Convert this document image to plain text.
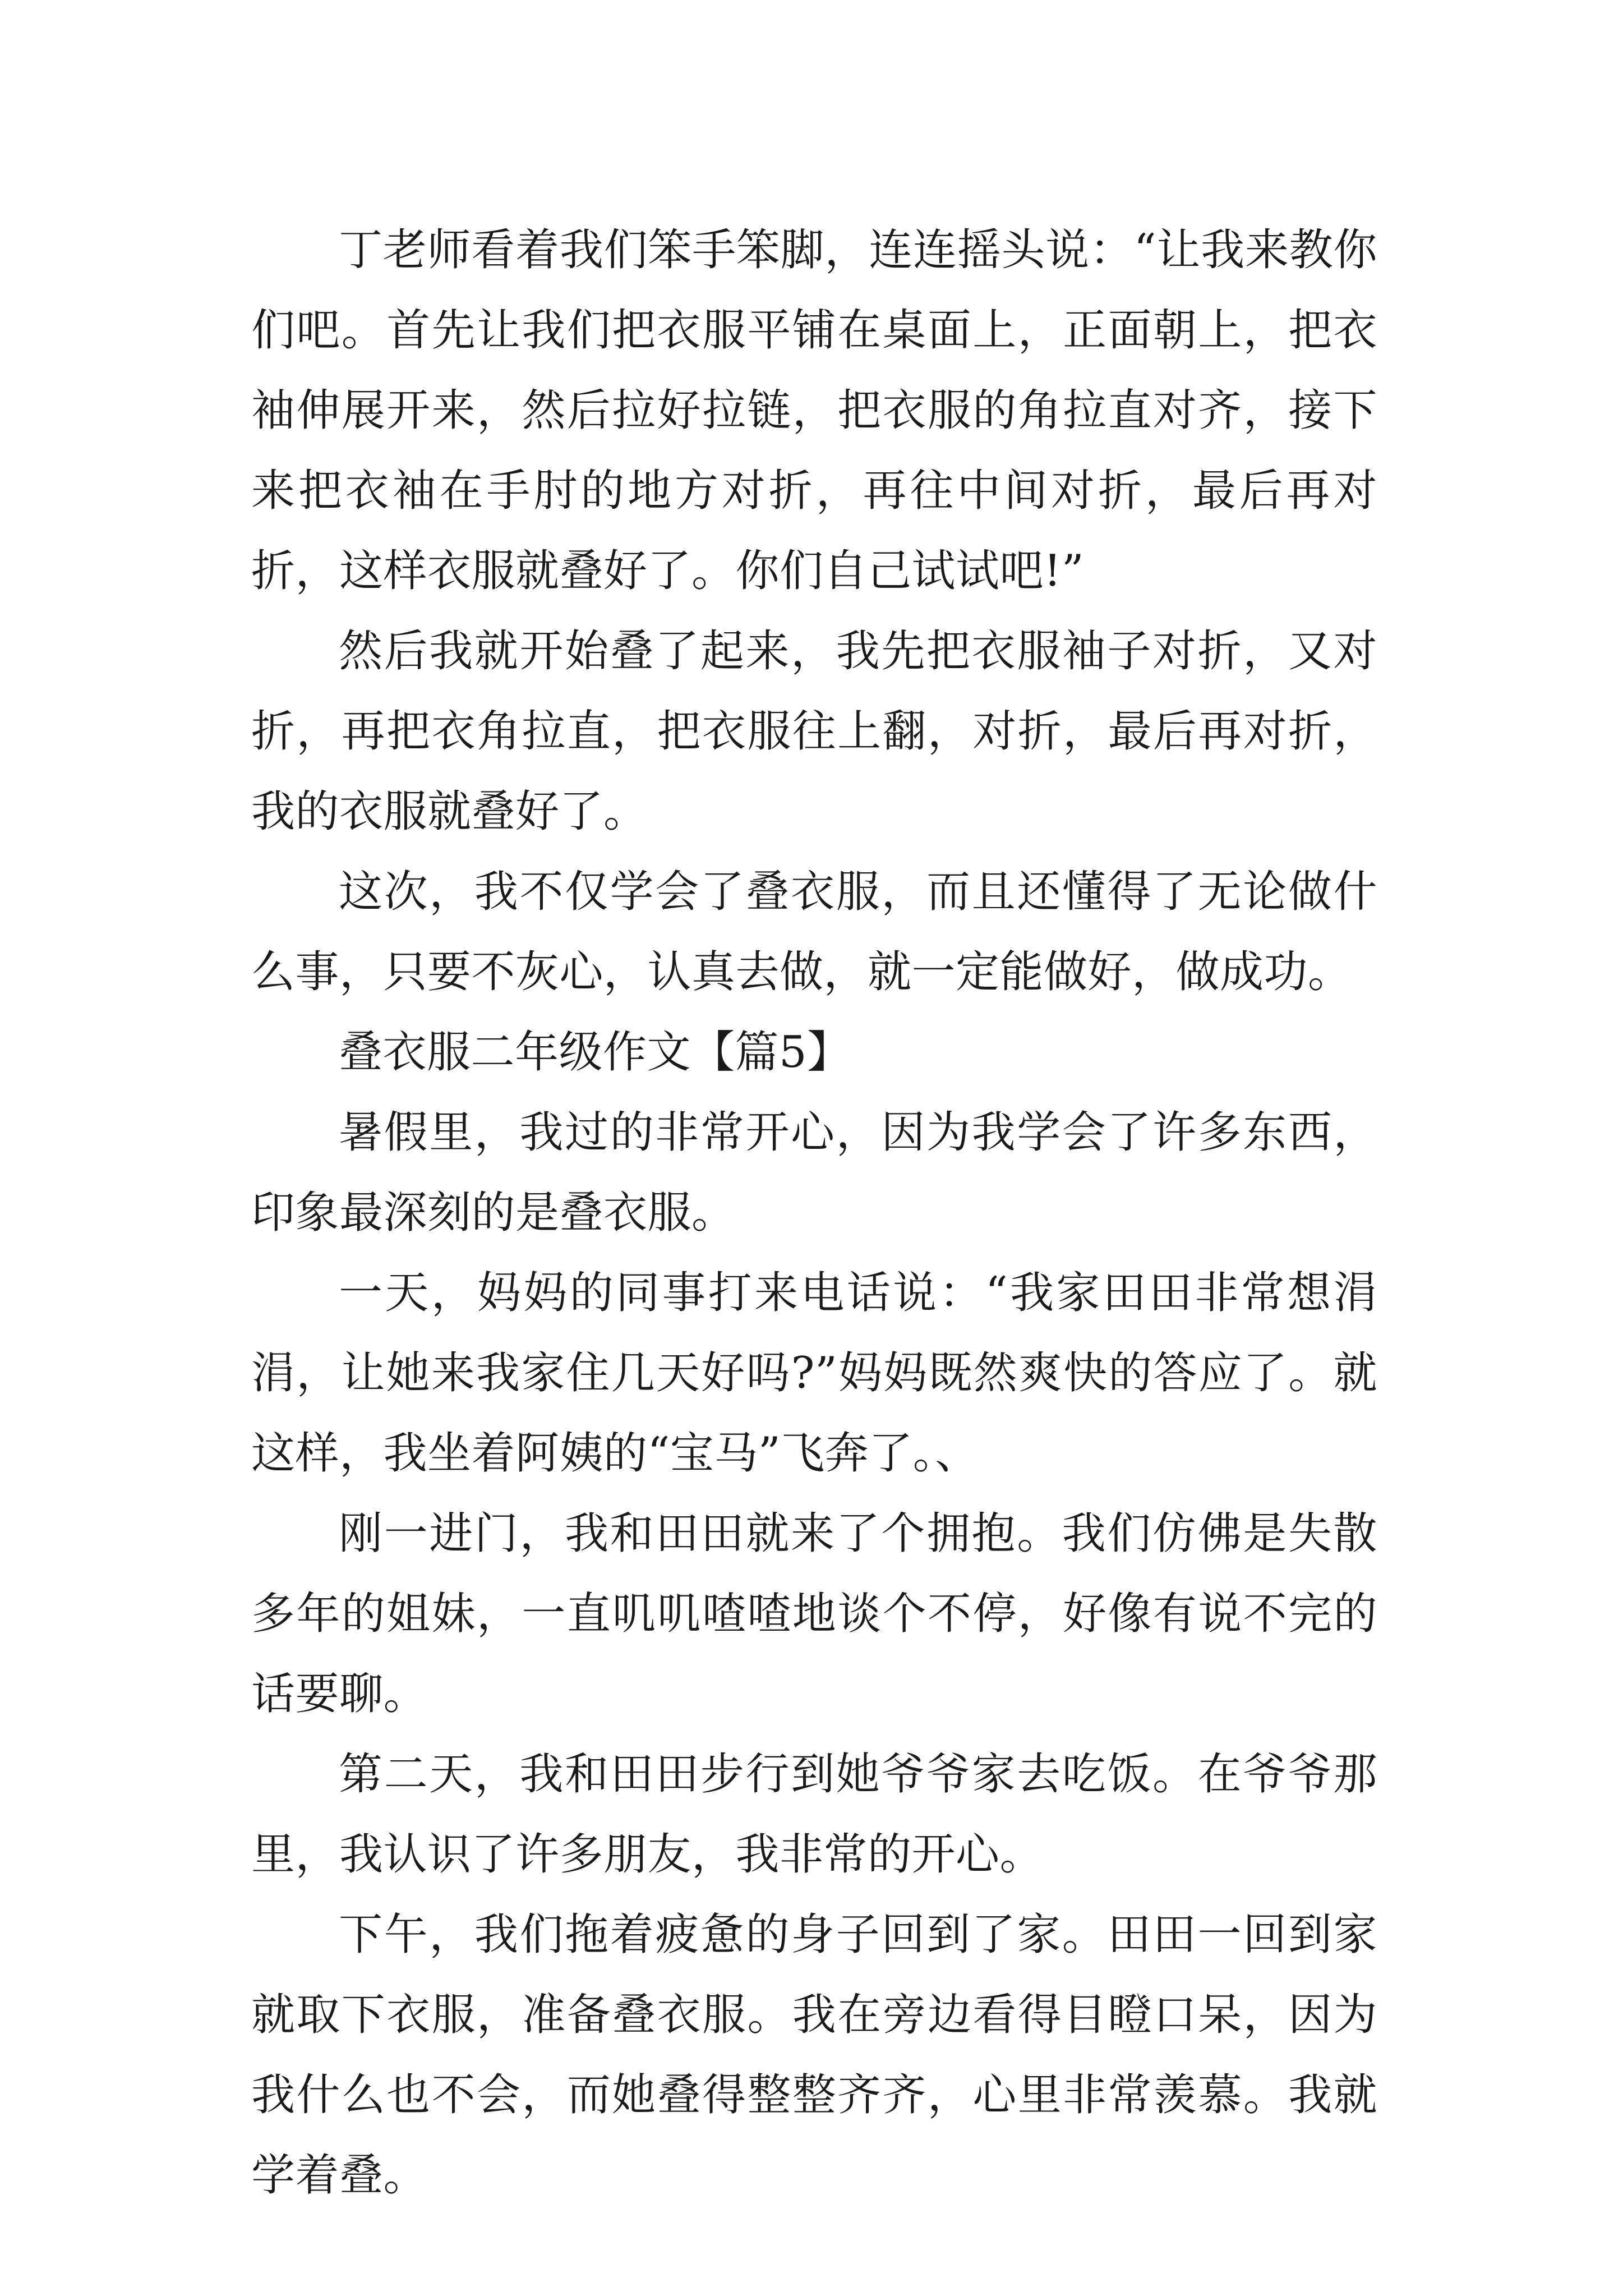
丁老师看着我们笨手笨脚，连连摇头说：“让我来教你们吧。首先让我们把衣服平铺在桌面上，正面朝上，把衣袖伸展开来，然后拉好拉链，把衣服的角拉直对齐，接下来把衣袖在手肘的地方对折，再往中间对折，最后再对折，这样衣服就叠好了。你们自己试试吧!”

然后我就开始叠了起来，我先把衣服袖子对折，又对折，再把衣角拉直，把衣服往上翻，对折，最后再对折，我的衣服就叠好了。

这次，我不仅学会了叠衣服，而且还懂得了无论做什么事，只要不灰心，认真去做，就一定能做好，做成功。

叠衣服二年级作文【篇5】

暑假里，我过的非常开心，因为我学会了许多东西，印象最深刻的是叠衣服。

一天，妈妈的同事打来电话说：“我家田田非常想涓涓，让她来我家住几天好吗?”妈妈既然爽快的答应了。就这样，我坐着阿姨的“宝马”飞奔了。、

刚一进门，我和田田就来了个拥抱。我们仿佛是失散多年的姐妹，一直叽叽喳喳地谈个不停，好像有说不完的话要聊。

第二天，我和田田步行到她爷爷家去吃饭。在爷爷那里，我认识了许多朋友，我非常的开心。

下午，我们拖着疲惫的身子回到了家。田田一回到家就取下衣服，准备叠衣服。我在旁边看得目瞪口呆，因为我什么也不会，而她叠得整整齐齐，心里非常羡慕。我就学着叠。
